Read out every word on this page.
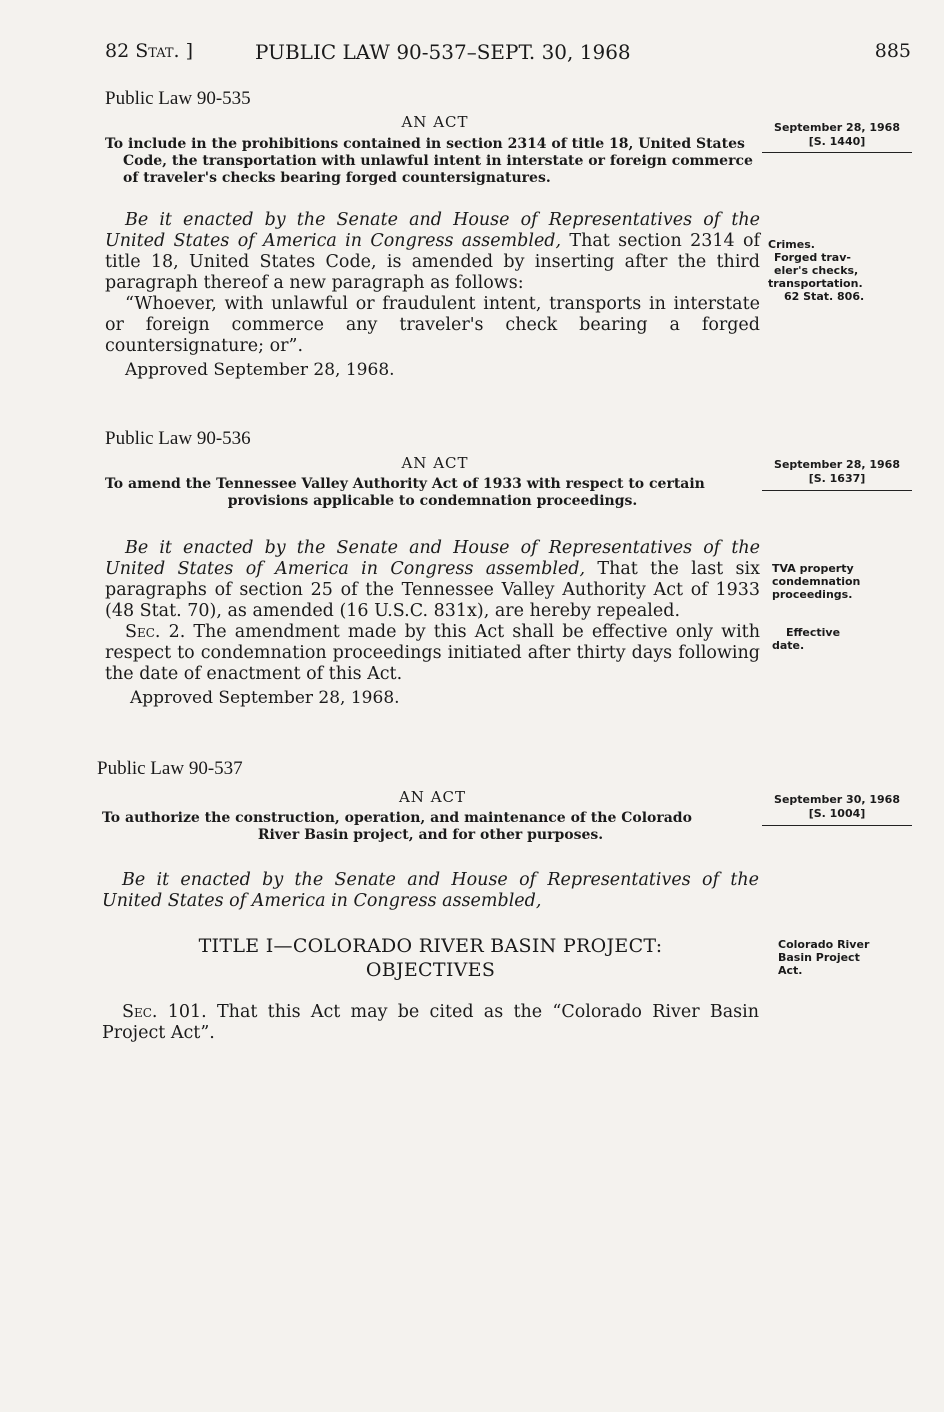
82 Stat. ]	PUBLIC LAW 90-537–SEPT. 30, 1968	885
Public Law 90-535
AN ACT
To include in the prohibitions contained in section 2314 of title 18, United States
Code, the transportation with unlawful intent in interstate or foreign commerce
of traveler's checks bearing forged countersignatures.
September 28, 1968
[S. 1440]

Be it enacted by the Senate and House of Representatives of the United States of America in Congress assembled, That section 2314 of title 18, United States Code, is amended by inserting after the third paragraph thereof a new paragraph as follows:

“Whoever, with unlawful or fraudulent intent, transports in interstate or foreign commerce any traveler's check bearing a forged countersignature; or”.

Approved September 28, 1968.
Crimes.
Forged trav-
eler's checks,
transportation.
62 Stat. 806.
Public Law 90-536
AN ACT
To amend the Tennessee Valley Authority Act of 1933 with respect to certain
provisions applicable to condemnation proceedings.
September 28, 1968
[S. 1637]

Be it enacted by the Senate and House of Representatives of the United States of America in Congress assembled, That the last six paragraphs of section 25 of the Tennessee Valley Authority Act of 1933 (48 Stat. 70), as amended (16 U.S.C. 831x), are hereby repealed.

Sec. 2. The amendment made by this Act shall be effective only with respect to condemnation proceedings initiated after thirty days following the date of enactment of this Act.

Approved September 28, 1968.
TVA property
condemnation
proceedings.
Effective
date.
Public Law 90-537
AN ACT
To authorize the construction, operation, and maintenance of the Colorado
River Basin project, and for other purposes.
September 30, 1968
[S. 1004]

Be it enacted by the Senate and House of Representatives of the United States of America in Congress assembled,

TITLE I—COLORADO RIVER BASIN PROJECT:
OBJECTIVES
Colorado River
Basin Project
Act.

Sec. 101. That this Act may be cited as the “Colorado River Basin Project Act”.
